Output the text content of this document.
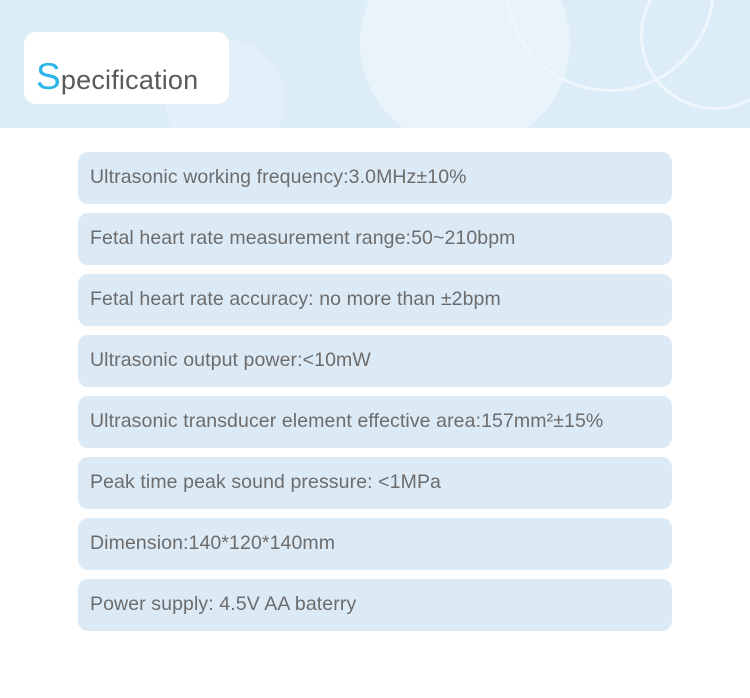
Specification
Ultrasonic working frequency:3.0MHz±10%
Fetal heart rate measurement range:50~210bpm
Fetal heart rate accuracy: no more than ±2bpm
Ultrasonic output power:<10mW
Ultrasonic transducer element effective area:157mm²±15%
Peak time peak sound pressure: <1MPa
Dimension:140*120*140mm
Power supply: 4.5V AA baterry
